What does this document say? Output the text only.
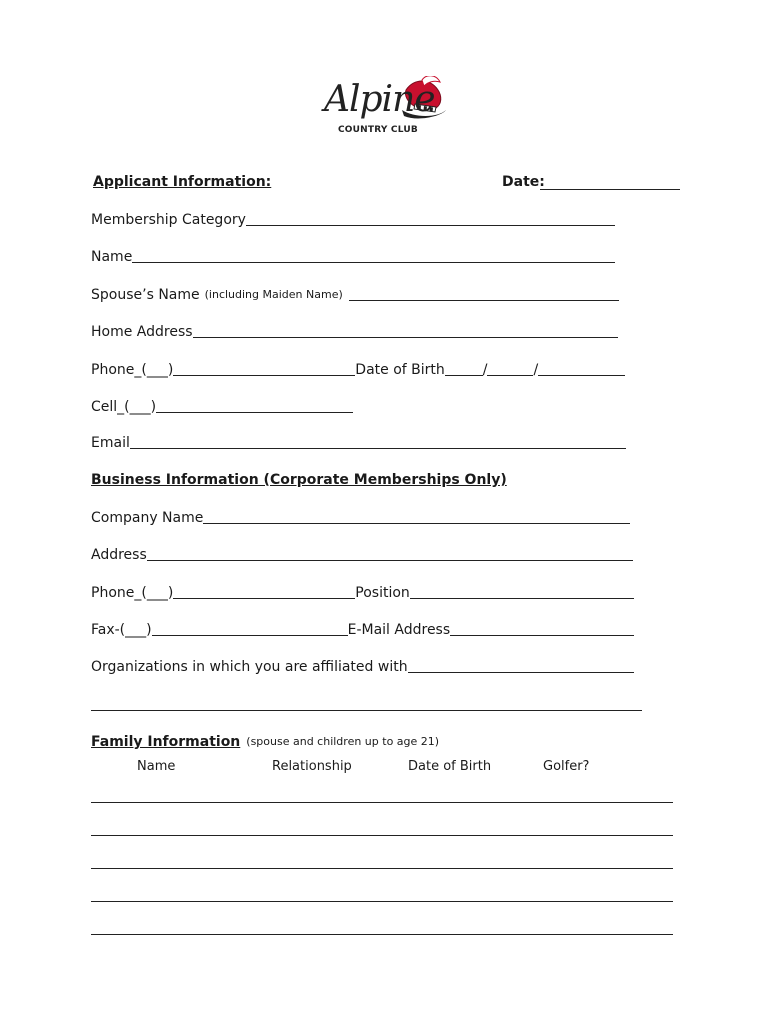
Alpine
COUNTRY CLUB
Applicant Information:	Date:
Membership Category
Name
Spouse’s Name (including Maiden Name)
Home Address
Phone_(___)	Date of Birth	/	/
Cell_(___)
Email
Business Information (Corporate Memberships Only)
Company Name
Address
Phone_(___)	Position
Fax-(___)	E-Mail Address
Organizations in which you are affiliated with
Family Information (spouse and children up to age 21)
Name	Relationship	Date of Birth	Golfer?
